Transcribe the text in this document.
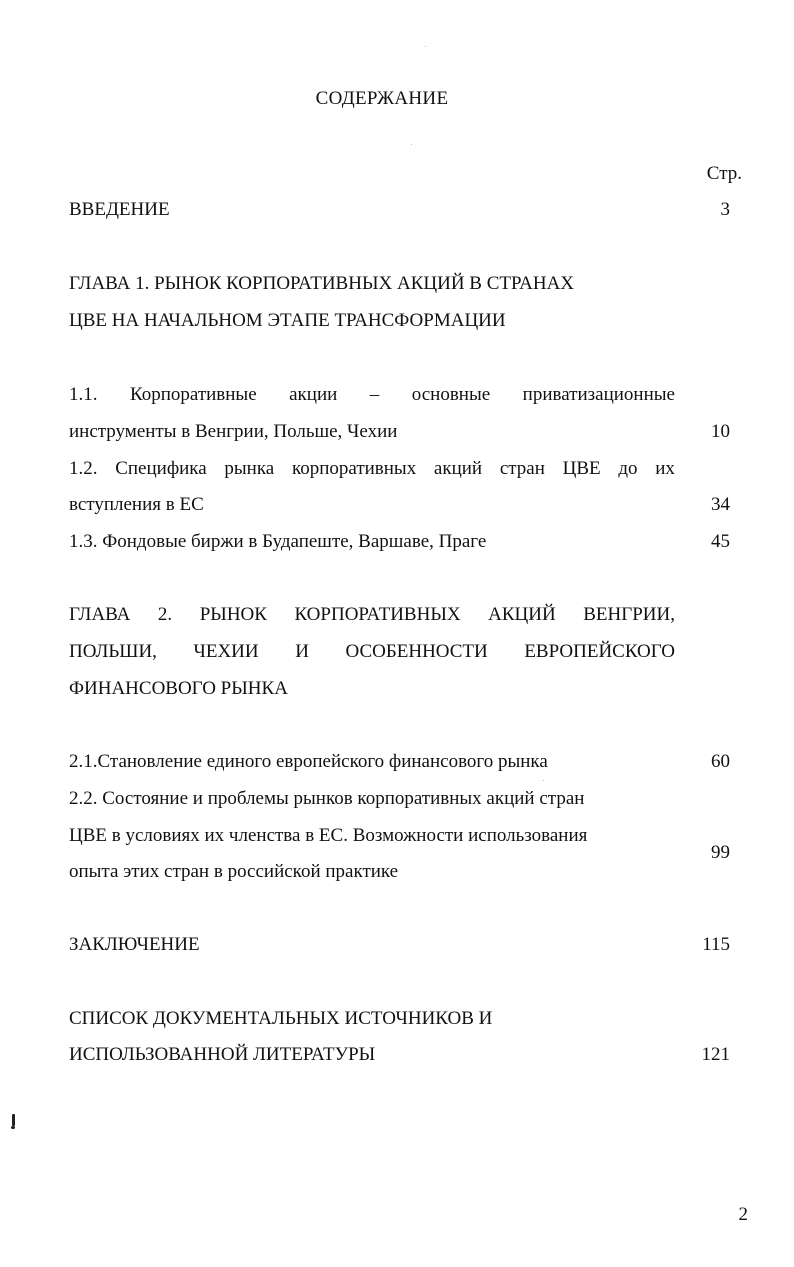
СОДЕРЖАНИЕ
Стр.
ВВЕДЕНИЕ	3
ГЛАВА 1. РЫНОК КОРПОРАТИВНЫХ АКЦИЙ В СТРАНАХ
ЦВЕ НА НАЧАЛЬНОМ ЭТАПЕ ТРАНСФОРМАЦИИ
1.1. Корпоративные акции – основные приватизационные
инструменты в Венгрии, Польше, Чехии	10
1.2. Специфика рынка корпоративных акций стран ЦВЕ до их
вступления в ЕС	34
1.3. Фондовые биржи в Будапеште, Варшаве, Праге	45
ГЛАВА 2. РЫНОК КОРПОРАТИВНЫХ АКЦИЙ ВЕНГРИИ,
ПОЛЬШИ, ЧЕХИИ И ОСОБЕННОСТИ ЕВРОПЕЙСКОГО
ФИНАНСОВОГО РЫНКА
2.1.Становление единого европейского финансового рынка	60
2.2. Состояние и проблемы рынков корпоративных акций стран
ЦВЕ в условиях их членства в ЕС. Возможности использования
опыта этих стран в российской практике
99
ЗАКЛЮЧЕНИЕ	115
СПИСОК ДОКУМЕНТАЛЬНЫХ ИСТОЧНИКОВ И
ИСПОЛЬЗОВАННОЙ ЛИТЕРАТУРЫ	121
2
